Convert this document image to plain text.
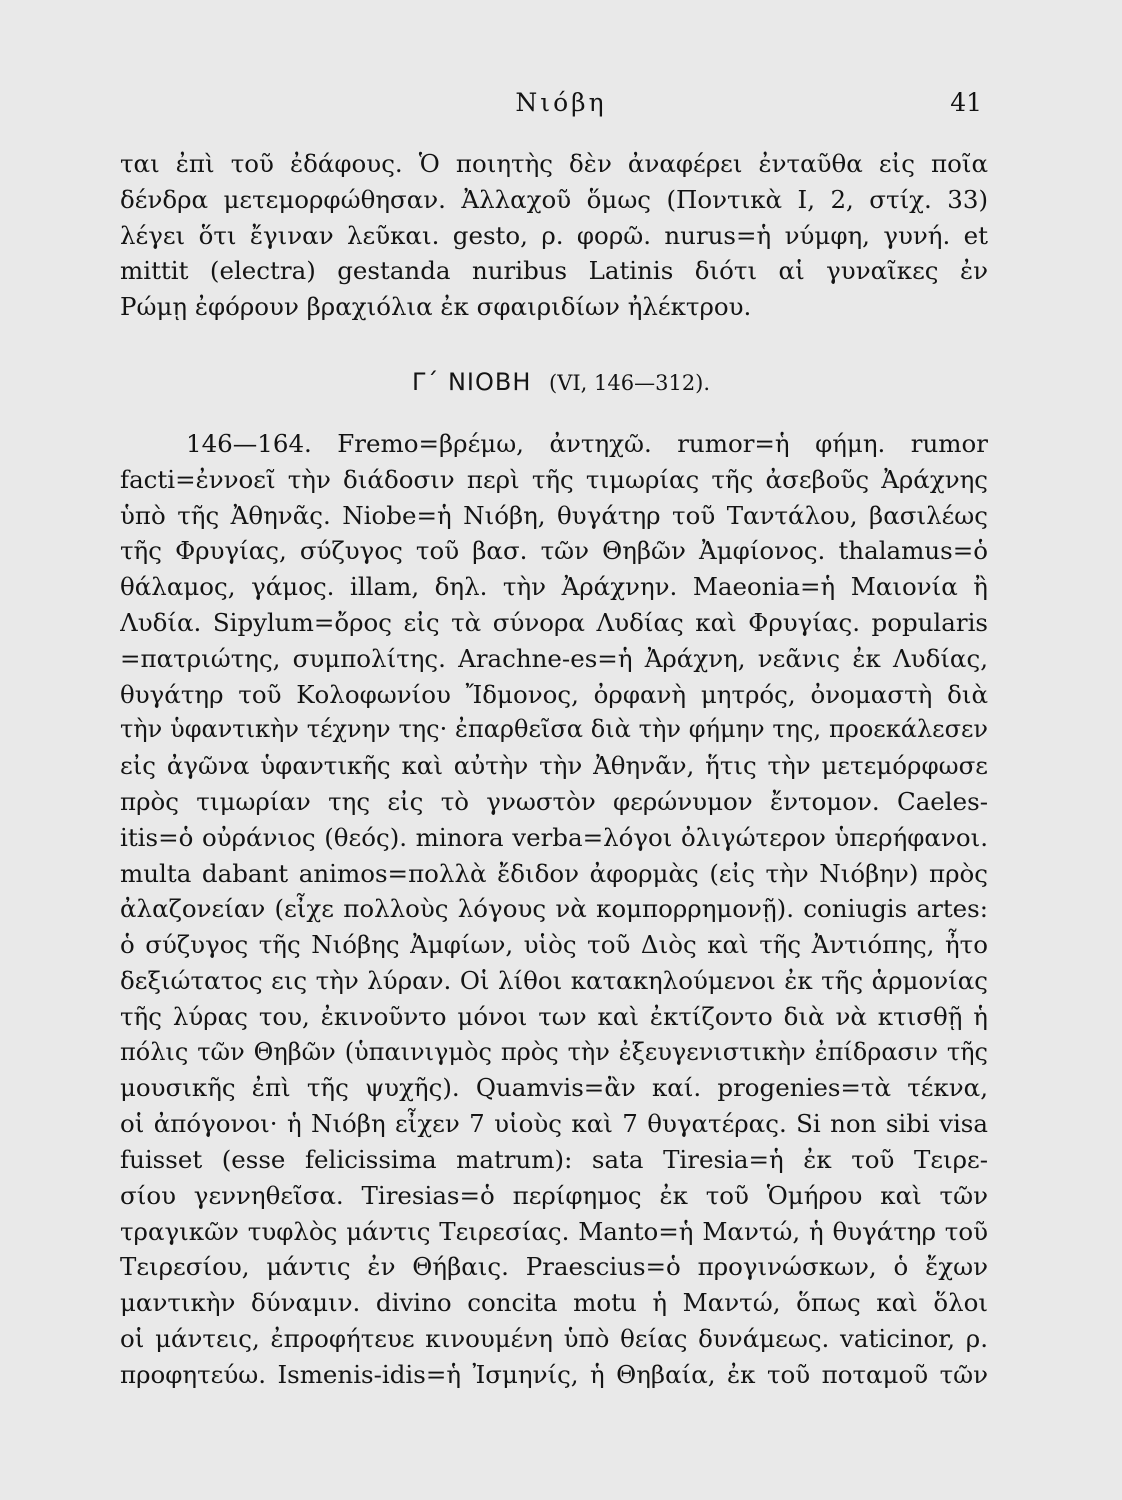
Νιόβη	41
ται ἐπὶ τοῦ ἐδάφους. Ὁ ποιητὴς δὲν ἀναφέρει ἐνταῦθα εἰς ποῖα
δένδρα μετεμορφώθησαν. Ἀλλαχοῦ ὅμως (Ποντικὰ Ι, 2, στίχ. 33)
λέγει ὅτι ἔγιναν λεῦκαι. gesto, ρ. φορῶ. nurus=ἡ νύμφη, γυνή. et
mittit (electra) gestanda nuribus Latinis διότι αἱ γυναῖκες ἐν
Ρώμῃ ἐφόρουν βραχιόλια ἐκ σφαιριδίων ἠλέκτρου.
Γ΄ ΝΙΟΒΗ (VI, 146—312).
146—164. Fremo=βρέμω, ἀντηχῶ. rumor=ἡ φήμη. rumor
facti=ἐννοεῖ τὴν διάδοσιν περὶ τῆς τιμωρίας τῆς ἀσεβοῦς Ἀράχνης
ὑπὸ τῆς Ἀθηνᾶς. Niobe=ἡ Νιόβη, θυγάτηρ τοῦ Ταντάλου, βασιλέως
τῆς Φρυγίας, σύζυγος τοῦ βασ. τῶν Θηβῶν Ἀμφίονος. thalamus=ὁ
θάλαμος, γάμος. illam, δηλ. τὴν Ἀράχνην. Maeonia=ἡ Μαιονία ἢ
Λυδία. Sipylum=ὄρος εἰς τὰ σύνορα Λυδίας καὶ Φρυγίας. popularis
=πατριώτης, συμπολίτης. Arachne-es=ἡ Ἀράχνη, νεᾶνις ἐκ Λυδίας,
θυγάτηρ τοῦ Κολοφωνίου Ἴδμονος, ὀρφανὴ μητρός, ὀνομαστὴ διὰ
τὴν ὑφαντικὴν τέχνην της· ἐπαρθεῖσα διὰ τὴν φήμην της, προεκάλεσεν
εἰς ἀγῶνα ὑφαντικῆς καὶ αὐτὴν τὴν Ἀθηνᾶν, ἥτις τὴν μετεμόρφωσε
πρὸς τιμωρίαν της εἰς τὸ γνωστὸν φερώνυμον ἔντομον. Caeles-
itis=ὁ οὐράνιος (θεός). minora verba=λόγοι ὀλιγώτερον ὑπερήφανοι.
multa dabant animos=πολλὰ ἔδιδον ἀφορμὰς (εἰς τὴν Νιόβην) πρὸς
ἀλαζονείαν (εἶχε πολλοὺς λόγους νὰ κομπορρημονῇ). coniugis artes:
ὁ σύζυγος τῆς Νιόβης Ἀμφίων, υἱὸς τοῦ Διὸς καὶ τῆς Ἀντιόπης, ἦτο
δεξιώτατος εις τὴν λύραν. Οἱ λίθοι κατακηλούμενοι ἐκ τῆς ἁρμονίας
τῆς λύρας του, ἐκινοῦντο μόνοι των καὶ ἐκτίζοντο διὰ νὰ κτισθῇ ἡ
πόλις τῶν Θηβῶν (ὑπαινιγμὸς πρὸς τὴν ἐξευγενιστικὴν ἐπίδρασιν τῆς
μουσικῆς ἐπὶ τῆς ψυχῆς). Quamvis=ἂν καί. progenies=τὰ τέκνα,
οἱ ἀπόγονοι· ἡ Νιόβη εἶχεν 7 υἱοὺς καὶ 7 θυγατέρας. Si non sibi visa
fuisset (esse felicissima matrum): sata Tiresia=ἡ ἐκ τοῦ Τειρε-
σίου γεννηθεῖσα. Tiresias=ὁ περίφημος ἐκ τοῦ Ὁμήρου καὶ τῶν
τραγικῶν τυφλὸς μάντις Τειρεσίας. Manto=ἡ Μαντώ, ἡ θυγάτηρ τοῦ
Τειρεσίου, μάντις ἐν Θήβαις. Praescius=ὁ προγινώσκων, ὁ ἔχων
μαντικὴν δύναμιν. divino concita motu ἡ Μαντώ, ὅπως καὶ ὅλοι
οἱ μάντεις, ἐπροφήτευε κινουμένη ὑπὸ θείας δυνάμεως. vaticinor, ρ.
προφητεύω. Ismenis-idis=ἡ Ἰσμηνίς, ἡ Θηβαία, ἐκ τοῦ ποταμοῦ τῶν
